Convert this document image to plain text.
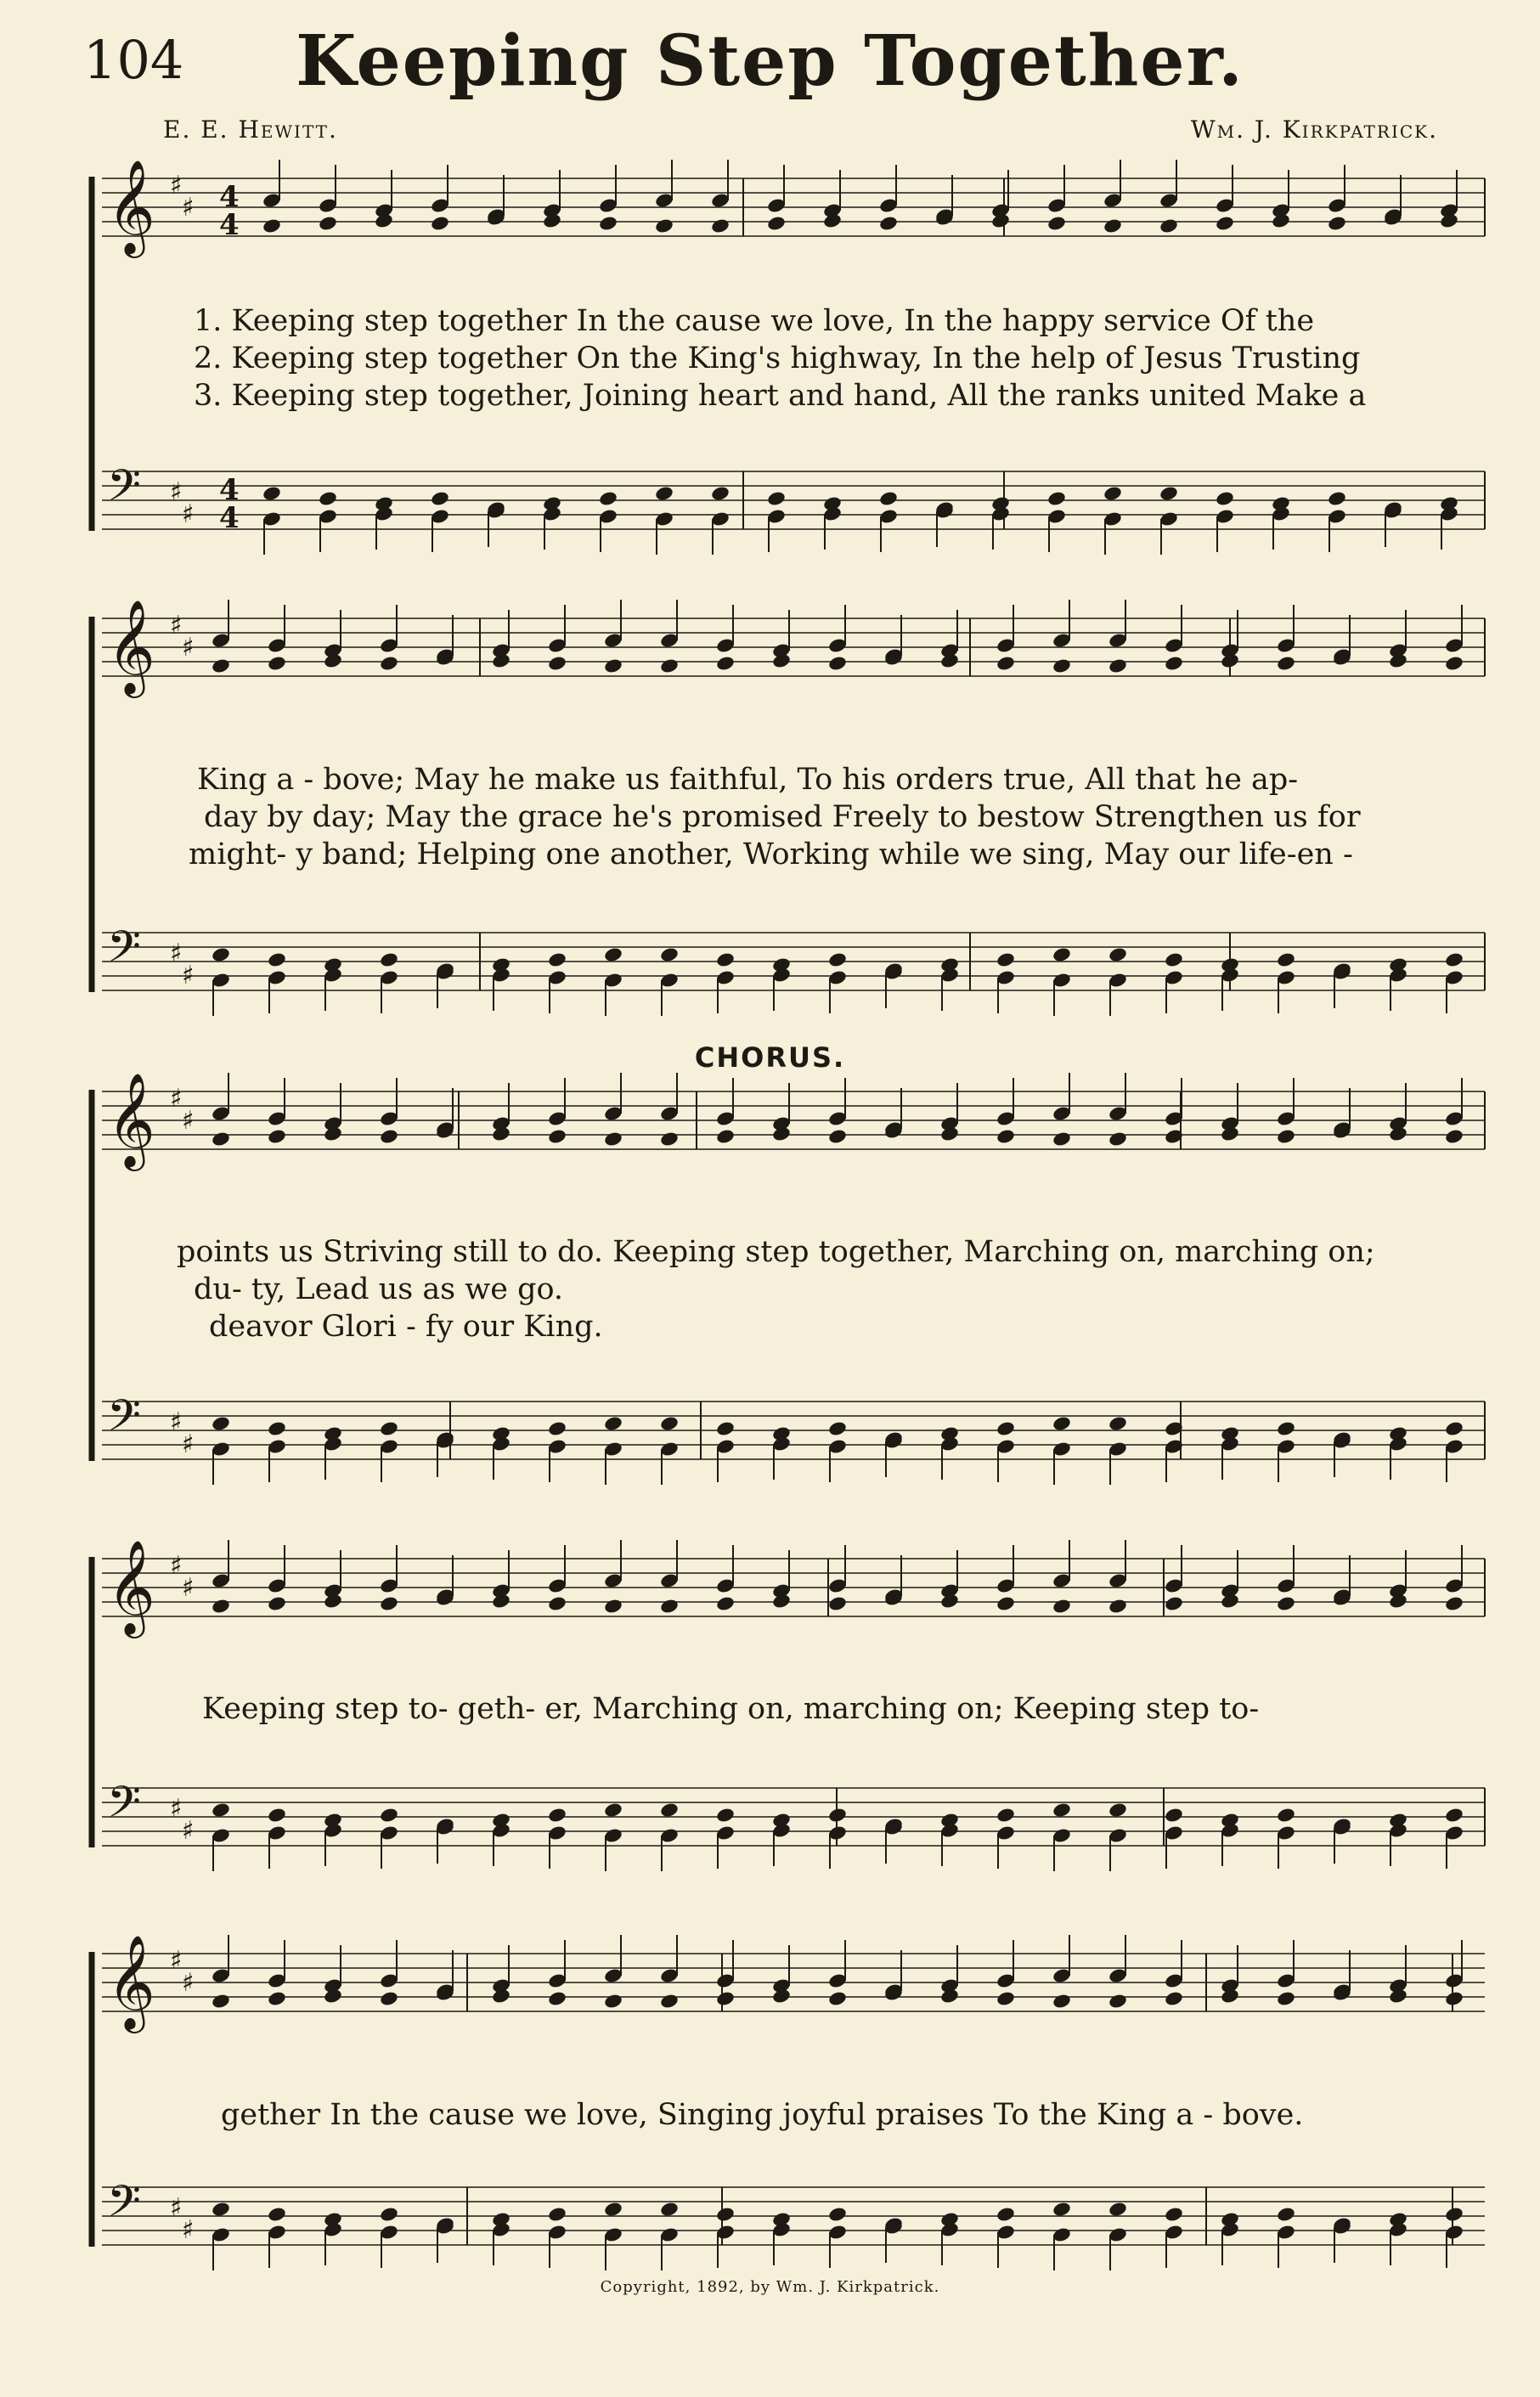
104	Keeping Step Together.
E. E. Hewitt.	Wm. J. Kirkpatrick.
𝄞 ♯
♯ 4
4
𝄢 ♯
♯
4
4
𝄞 ♯
♯
𝄢 ♯
♯
𝄞 ♯
♯
𝄢 ♯
♯
𝄞 ♯
♯
𝄢 ♯
♯
𝄞 ♯
♯
𝄢 ♯
♯
1. Keeping step together In the cause we love, In the happy service Of the
2. Keeping step together On the King's highway, In the help of Jesus Trusting
3. Keeping step together, Joining heart and hand, All the ranks united Make a
King a - bove; May he make us faithful, To his orders true, All that he ap-
day by day; May the grace he's promised Freely to bestow Strengthen us for
might- y band; Helping one another, Working while we sing, May our life-en -
CHORUS.
points us Striving still to do. Keeping step together, Marching on, marching on;
du- ty, Lead us as we go.
deavor Glori - fy our King.
Keeping step to- geth- er, Marching on, marching on; Keeping step to-
gether In the cause we love, Singing joyful praises To the King a - bove.
Copyright, 1892, by Wm. J. Kirkpatrick.
